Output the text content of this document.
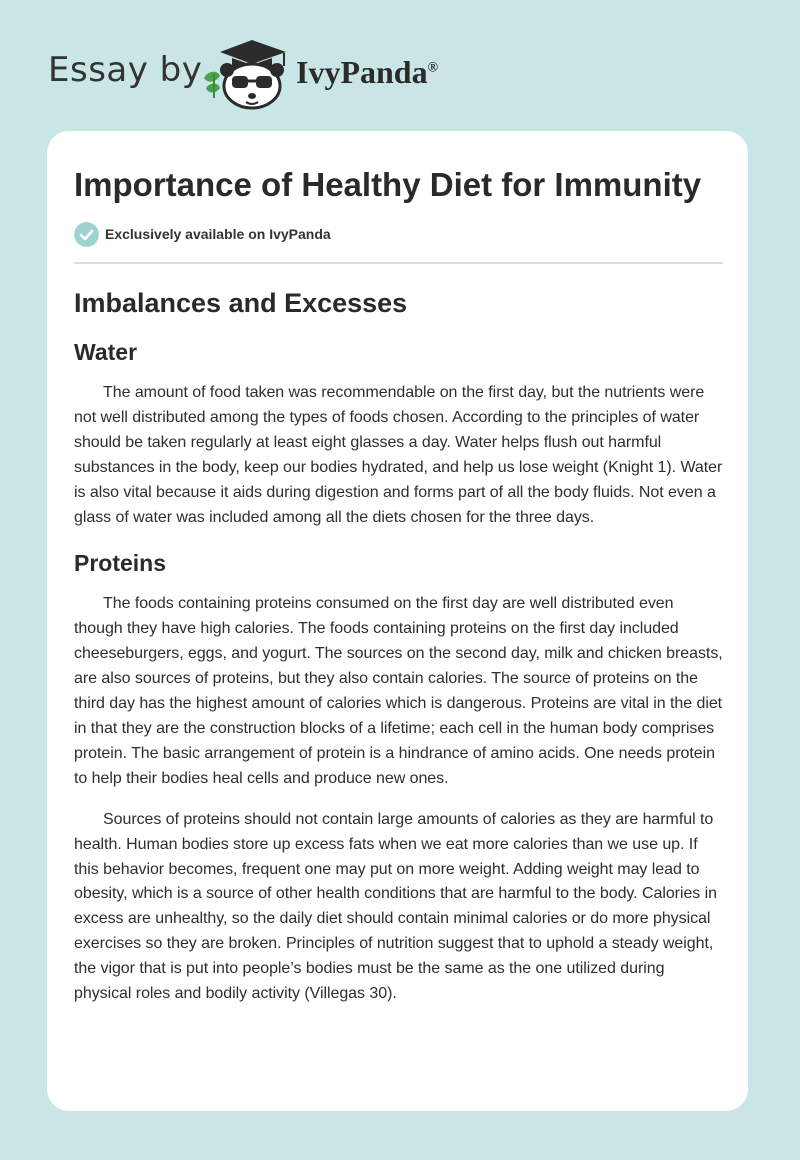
Essay by	IvyPanda®
Importance of Healthy Diet for Immunity
Exclusively available on IvyPanda
Imbalances and Excesses
Water

The amount of food taken was recommendable on the first day, but the nutrients were not well distributed among the types of foods chosen. According to the principles of water should be taken regularly at least eight glasses a day. Water helps flush out harmful substances in the body, keep our bodies hydrated, and help us lose weight (Knight 1). Water is also vital because it aids during digestion and forms part of all the body fluids. Not even a glass of water was included among all the diets chosen for the three days.

Proteins

The foods containing proteins consumed on the first day are well distributed even though they have high calories. The foods containing proteins on the first day included cheeseburgers, eggs, and yogurt. The sources on the second day, milk and chicken breasts, are also sources of proteins, but they also contain calories. The source of proteins on the third day has the highest amount of calories which is dangerous. Proteins are vital in the diet in that they are the construction blocks of a lifetime; each cell in the human body comprises protein. The basic arrangement of protein is a hindrance of amino acids. One needs protein to help their bodies heal cells and produce new ones.

Sources of proteins should not contain large amounts of calories as they are harmful to health. Human bodies store up excess fats when we eat more calories than we use up. If this behavior becomes, frequent one may put on more weight. Adding weight may lead to obesity, which is a source of other health conditions that are harmful to the body. Calories in excess are unhealthy, so the daily diet should contain minimal calories or do more physical exercises so they are broken. Principles of nutrition suggest that to uphold a steady weight, the vigor that is put into people’s bodies must be the same as the one utilized during physical roles and bodily activity (Villegas 30).
